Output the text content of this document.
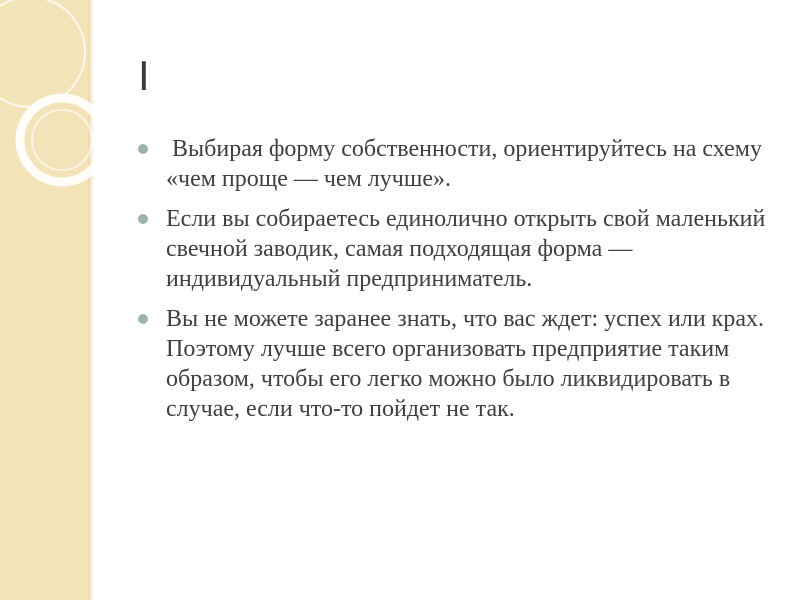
I
Выбирая форму собственности, ориентируйтесь на схему «чем проще — чем лучше».
Если вы собираетесь единолично открыть свой маленький свечной заводик, самая подходящая форма — индивидуальный предприниматель.
Вы не можете заранее знать, что вас ждет: успех или крах. Поэтому лучше всего организовать предприятие таким образом, чтобы его легко можно было ликвидировать в случае, если что-то пойдет не так.
